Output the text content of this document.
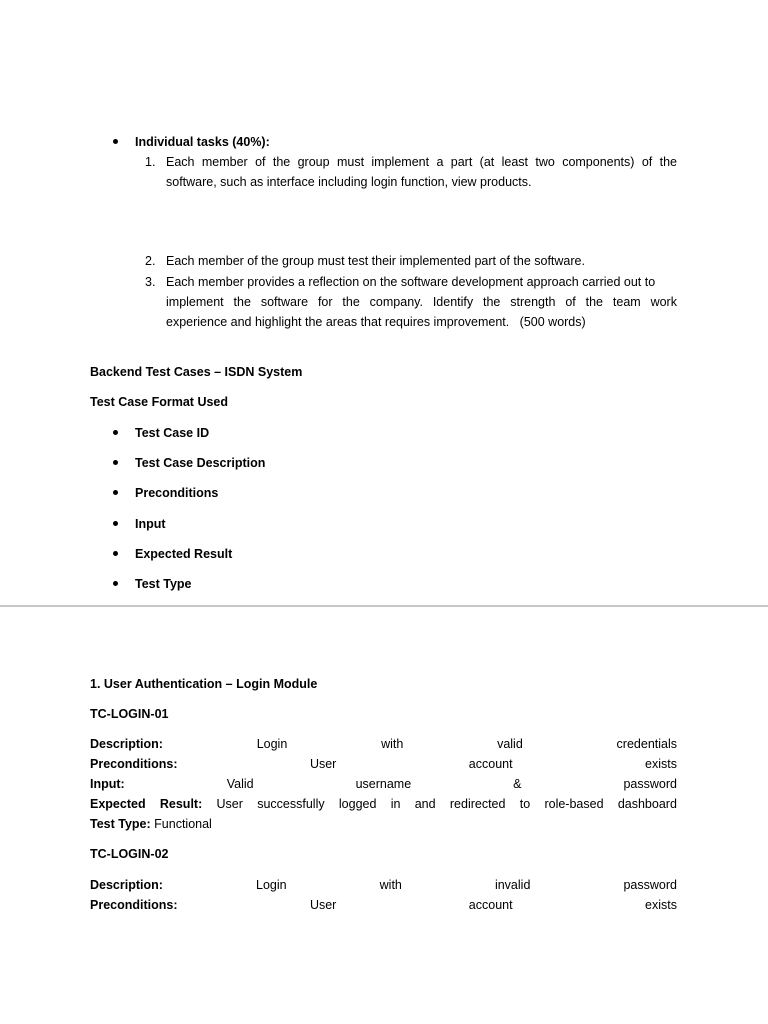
Individual tasks (40%):
1. Each member of the group must implement a part (at least two components) of the
software, such as interface including login function, view products.
2. Each member of the group must test their implemented part of the software.
3. Each member provides a reflection on the software development approach carried out to
implement the software for the company. Identify the strength of the team work
experience and highlight the areas that requires improvement.   (500 words)
Backend Test Cases – ISDN System
Test Case Format Used
Test Case ID
Test Case Description
Preconditions
Input
Expected Result
Test Type
1. User Authentication – Login Module
TC-LOGIN-01
Description:	Login	with	valid	credentials
Preconditions:	User	account	exists
Input:	Valid	username	&	password
Expected Result: User successfully logged in and redirected to role-based dashboard
Test Type: Functional
TC-LOGIN-02
Description:	Login	with	invalid	password
Preconditions:	User	account	exists
